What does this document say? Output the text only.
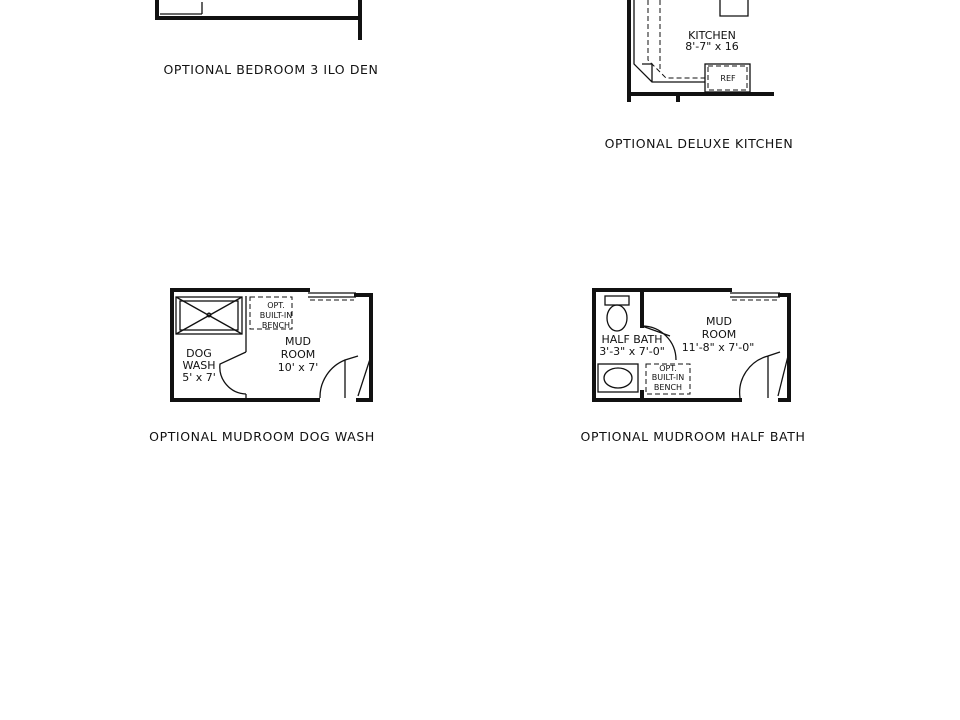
OPTIONAL BEDROOM 3 ILO DEN
KITCHEN
8'-7" x 16
REF
OPTIONAL DELUXE KITCHEN
OPT.
BUILT-IN
BENCH
MUD
ROOM
10' x 7'
DOG
WASH
5' x 7'
OPTIONAL MUDROOM DOG WASH
MUD
ROOM
11'-8" x 7'-0"
HALF BATH
3'-3" x 7'-0"
OPT.
BUILT-IN
BENCH
OPTIONAL MUDROOM HALF BATH
